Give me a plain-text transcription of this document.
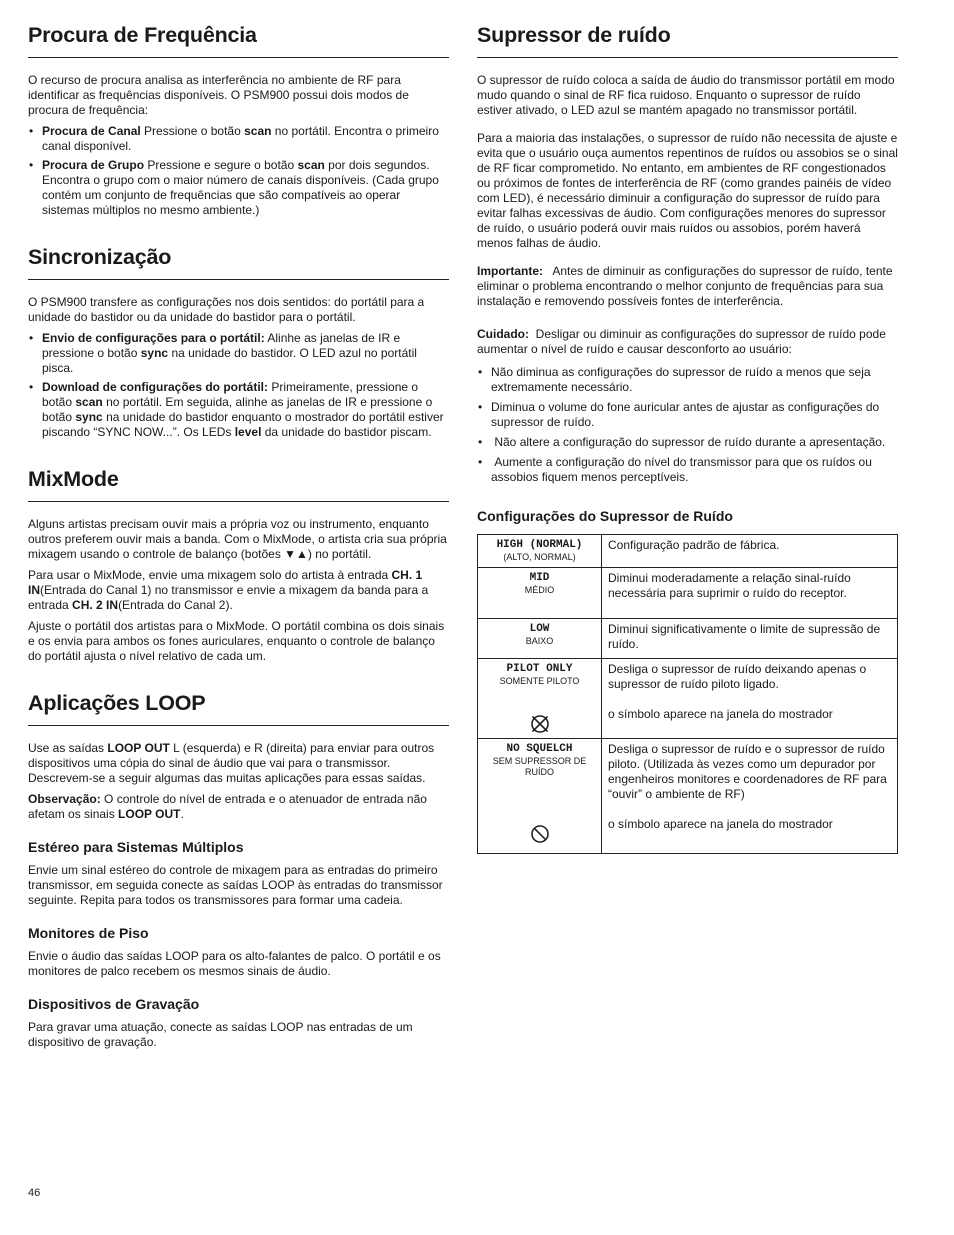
Procura de Frequência

O recurso de procura analisa as interferência no ambiente de RF para identificar as frequências disponíveis. O PSM900 possui dois modos de procura de frequência:

• Procura de Canal Pressione o botão scan no portátil. Encontra o primeiro canal disponível.
• Procura de Grupo Pressione e segure o botão scan por dois segundos. Encontra o grupo com o maior número de canais disponíveis. (Cada grupo contém um conjunto de frequências que são compatíveis ao operar sistemas múltiplos no mesmo ambiente.)
Sincronização

O PSM900 transfere as configurações nos dois sentidos: do portátil para a unidade do bastidor ou da unidade do bastidor para o portátil.

• Envio de configurações para o portátil: Alinhe as janelas de IR e pressione o botão sync na unidade do bastidor. O LED azul no portátil pisca.
• Download de configurações do portátil: Primeiramente, pressione o botão scan no portátil. Em seguida, alinhe as janelas de IR e pressione o botão sync na unidade do bastidor enquanto o mostrador do portátil estiver piscando “SYNC NOW...”. Os LEDs level da unidade do bastidor piscam.
MixMode

Alguns artistas precisam ouvir mais a própria voz ou instrumento, enquanto outros preferem ouvir mais a banda. Com o MixMode, o artista cria sua própria mixagem usando o controle de balanço (botões ▼▲) no portátil.

Para usar o MixMode, envie uma mixagem solo do artista à entrada CH. 1 IN(Entrada do Canal 1) no transmissor e envie a mixagem da banda para a entrada CH. 2 IN(Entrada do Canal 2).

Ajuste o portátil dos artistas para o MixMode. O portátil combina os dois sinais e os envia para ambos os fones auriculares, enquanto o controle de balanço do portátil ajusta o nível relativo de cada um.

Aplicações LOOP

Use as saídas LOOP OUT L (esquerda) e R (direita) para enviar para outros dispositivos uma cópia do sinal de áudio que vai para o transmissor. Descrevem-se a seguir algumas das muitas aplicações para essas saídas.

Observação: O controle do nível de entrada e o atenuador de entrada não afetam os sinais LOOP OUT.

Estéreo para Sistemas Múltiplos

Envie um sinal estéreo do controle de mixagem para as entradas do primeiro transmissor, em seguida conecte as saídas LOOP às entradas do transmissor seguinte. Repita para todos os transmissores para formar uma cadeia.

Monitores de Piso

Envie o áudio das saídas LOOP para os alto-falantes de palco. O portátil e os monitores de palco recebem os mesmos sinais de áudio.

Dispositivos de Gravação

Para gravar uma atuação, conecte as saídas LOOP nas entradas de um dispositivo de gravação.

Supressor de ruído

O supressor de ruído coloca a saída de áudio do transmissor portátil em modo mudo quando o sinal de RF fica ruidoso. Enquanto o supressor de ruído estiver ativado, o LED azul se mantém apagado no transmissor portátil.

Para a maioria das instalações, o supressor de ruído não necessita de ajuste e evita que o usuário ouça aumentos repentinos de ruídos ou assobios se o sinal de RF ficar comprometido. No entanto, em ambientes de RF congestionados ou próximos de fontes de interferência de RF (como grandes painéis de vídeo com LED), é necessário diminuir a configuração do supressor de ruído para evitar falhas excessivas de áudio. Com configurações menores do supressor de ruído, o usuário poderá ouvir mais ruídos ou assobios, porém haverá menos falhas de áudio.

Importante:   Antes de diminuir as configurações do supressor de ruído, tente eliminar o problema encontrando o melhor conjunto de frequências para sua instalação e removendo possíveis fontes de interferência.

Cuidado:  Desligar ou diminuir as configurações do supressor de ruído pode aumentar o nível de ruído e causar desconforto ao usuário:

• Não diminua as configurações do supressor de ruído a menos que seja extremamente necessário.
• Diminua o volume do fone auricular antes de ajustar as configurações do supressor de ruído.
•  Não altere a configuração do supressor de ruído durante a apresentação.
•  Aumente a configuração do nível do transmissor para que os ruídos ou assobios fiquem menos perceptíveis.
Configurações do Supressor de Ruído
HIGH (NORMAL)
(ALTO, NORMAL)	Configuração padrão de fábrica.

MID
MÉDIO	Diminui moderadamente a relação sinal-ruído necessária para suprimir o ruído do receptor.

LOW
BAIXO	Diminui significativamente o limite de supressão de ruído.

PILOT ONLY
SOMENTE PILOTO	Desliga o supressor de ruído deixando apenas o supressor de ruído piloto ligado.
o símbolo aparece na janela do mostrador

NO SQUELCH
SEM SUPRESSOR DE RUÍDO	Desliga o supressor de ruído e o supressor de ruído piloto. (Utilizada às vezes como um depurador por engenheiros monitores e coordenadores de RF para “ouvir” o ambiente de RF)
o símbolo aparece na janela do mostrador
46
